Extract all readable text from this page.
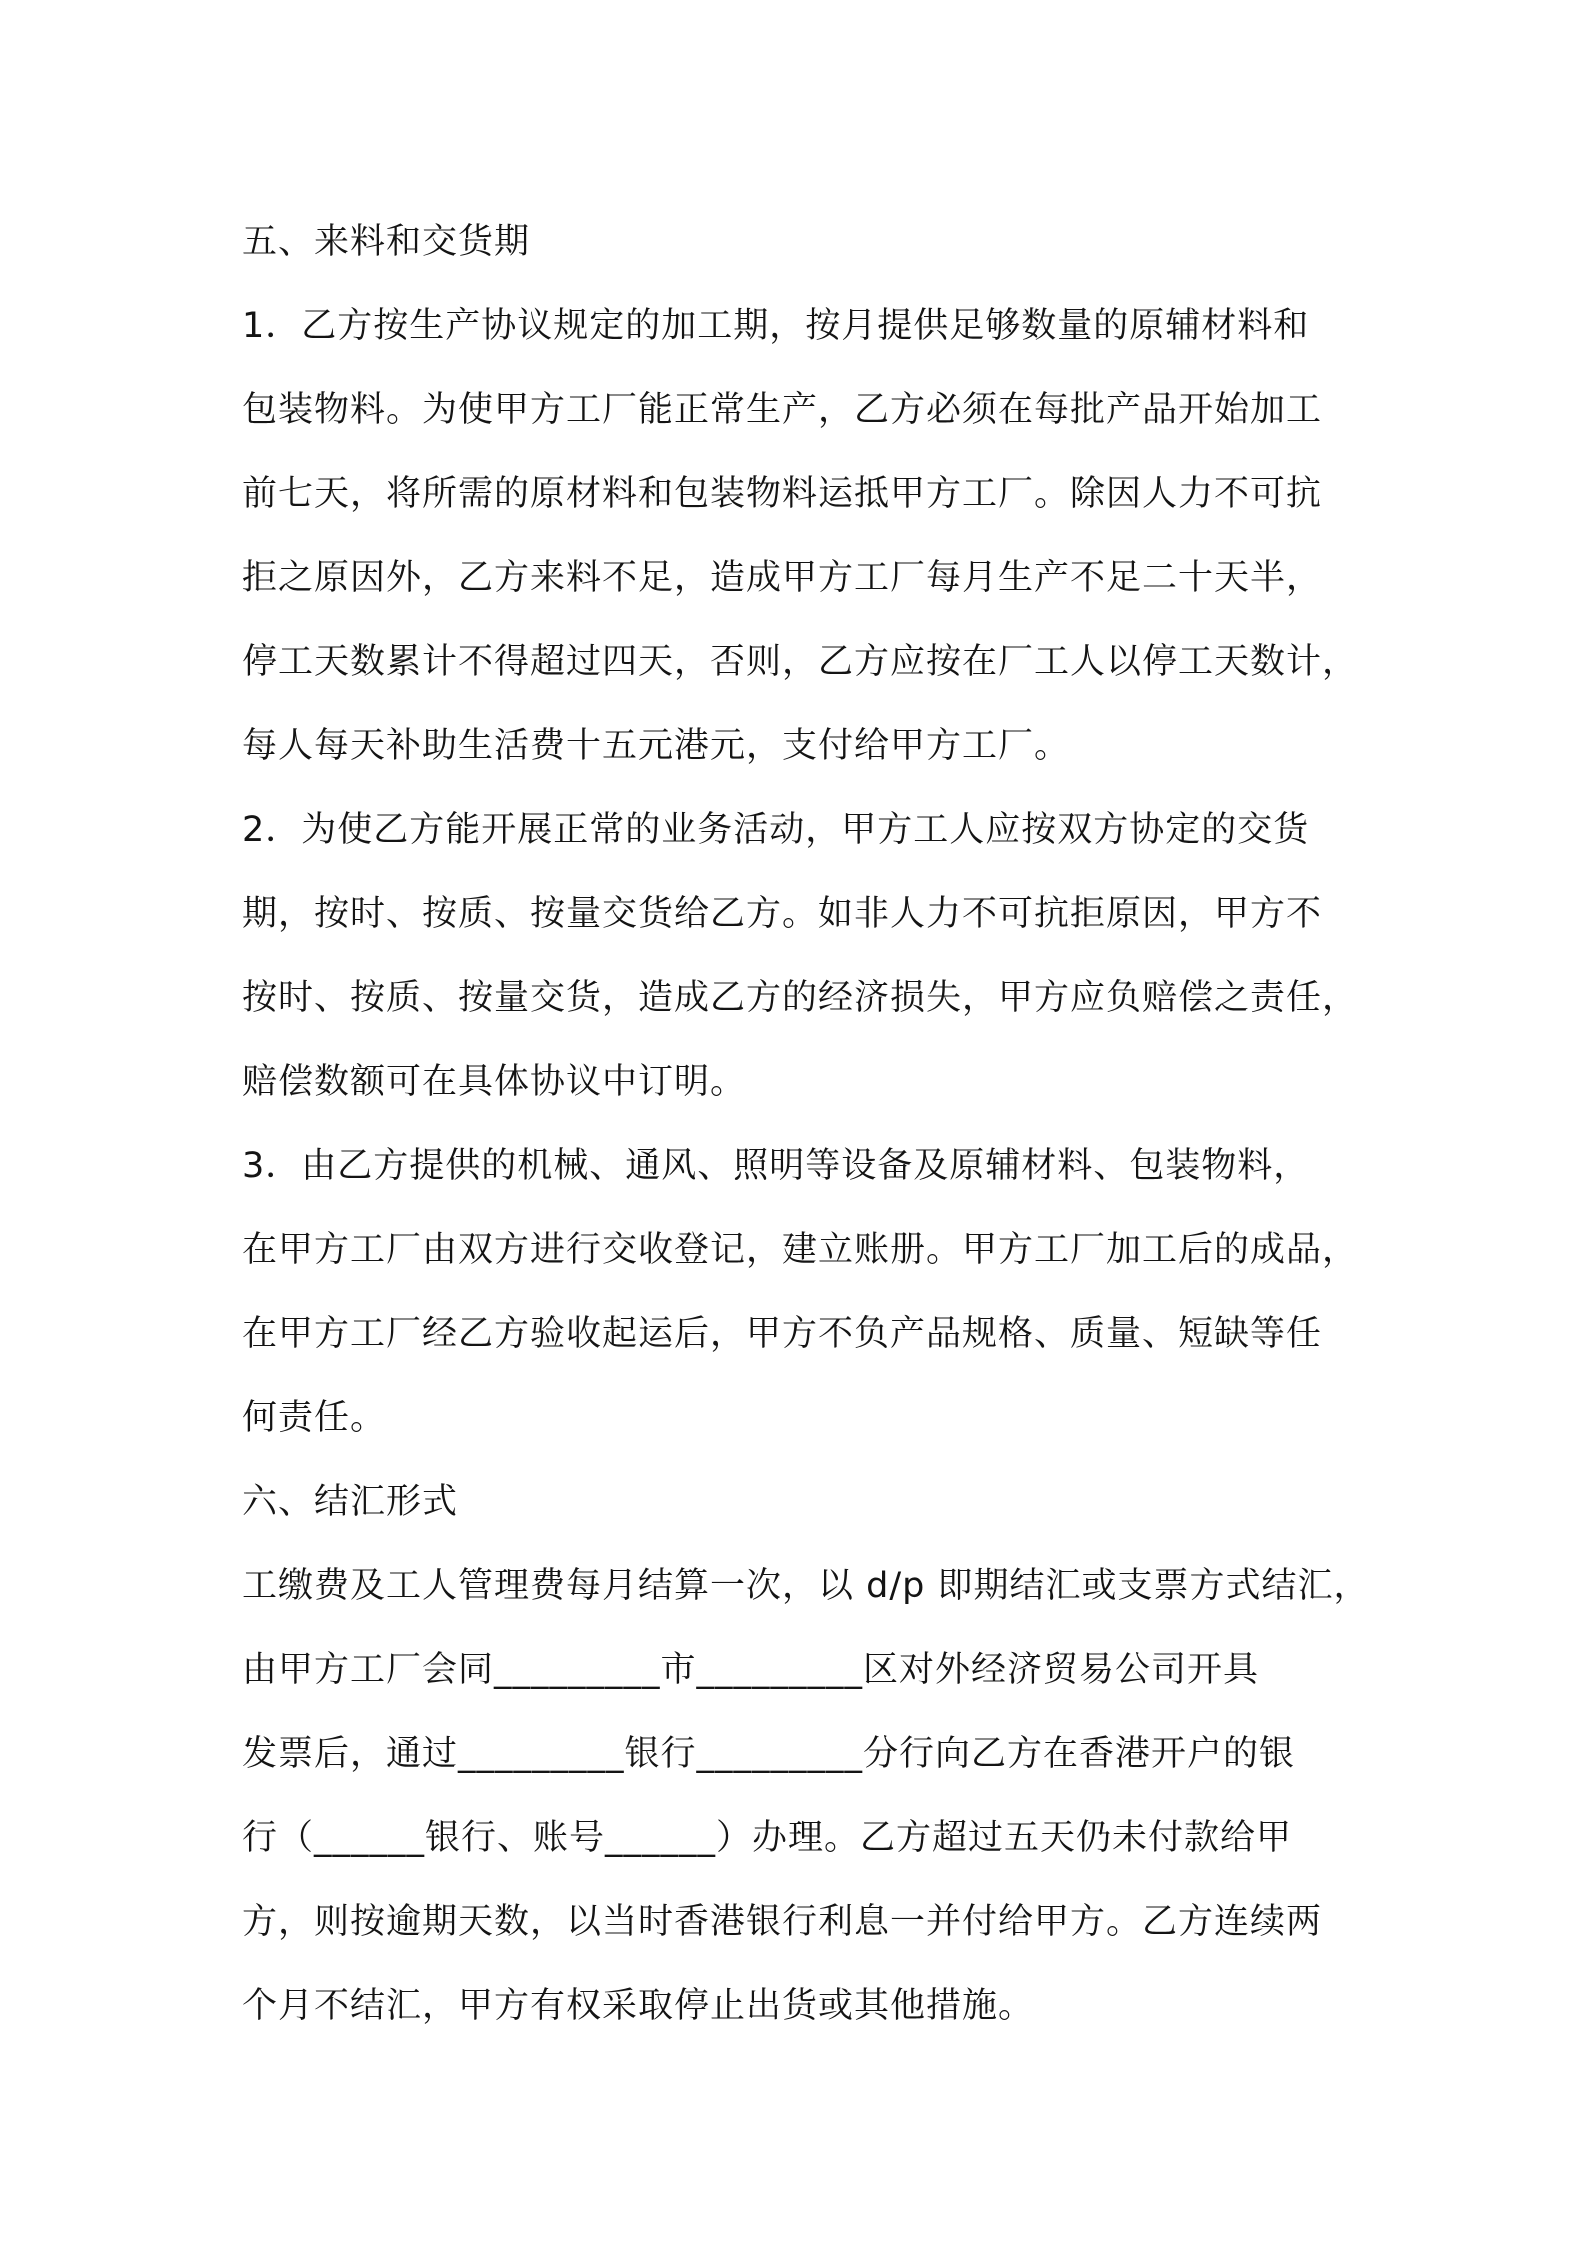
五、来料和交货期
1．乙方按生产协议规定的加工期，按月提供足够数量的原辅材料和
包装物料。为使甲方工厂能正常生产，乙方必须在每批产品开始加工
前七天，将所需的原材料和包装物料运抵甲方工厂。除因人力不可抗
拒之原因外，乙方来料不足，造成甲方工厂每月生产不足二十天半，
停工天数累计不得超过四天，否则，乙方应按在厂工人以停工天数计，
每人每天补助生活费十五元港元，支付给甲方工厂。
2．为使乙方能开展正常的业务活动，甲方工人应按双方协定的交货
期，按时、按质、按量交货给乙方。如非人力不可抗拒原因，甲方不
按时、按质、按量交货，造成乙方的经济损失，甲方应负赔偿之责任，
赔偿数额可在具体协议中订明。
3．由乙方提供的机械、通风、照明等设备及原辅材料、包装物料，
在甲方工厂由双方进行交收登记，建立账册。甲方工厂加工后的成品，
在甲方工厂经乙方验收起运后，甲方不负产品规格、质量、短缺等任
何责任。
六、结汇形式
工缴费及工人管理费每月结算一次，以 d/p 即期结汇或支票方式结汇，
由甲方工厂会同_________市_________区对外经济贸易公司开具
发票后，通过_________银行_________分行向乙方在香港开户的银
行（______银行、账号______）办理。乙方超过五天仍未付款给甲
方，则按逾期天数，以当时香港银行利息一并付给甲方。乙方连续两
个月不结汇，甲方有权采取停止出货或其他措施。
